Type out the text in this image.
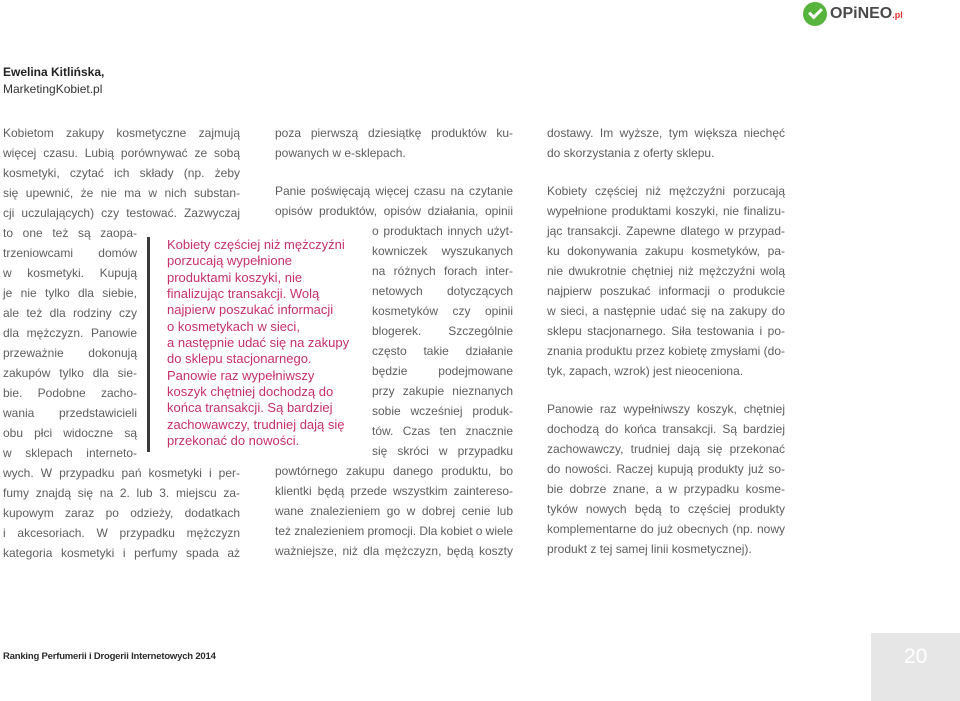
OPiNEO.pl
Ewelina Kitlińska,
MarketingKobiet.pl
Kobietom zakupy kosmetyczne zajmują
więcej czasu. Lubią porównywać ze sobą
kosmetyki, czytać ich składy (np. żeby
się upewnić, że nie ma w nich substan-
cji uczulających) czy testować. Zazwyczaj
to one też są zaopa-
trzeniowcami domów
w kosmetyki. Kupują
je nie tylko dla siebie,
ale też dla rodziny czy
dla mężczyzn. Panowie
przeważnie dokonują
zakupów tylko dla sie-
bie. Podobne zacho-
wania przedstawicieli
obu płci widoczne są
w sklepach interneto-
wych. W przypadku pań kosmetyki i per-
fumy znajdą się na 2. lub 3. miejscu za-
kupowym zaraz po odzieży, dodatkach
i akcesoriach. W przypadku mężczyzn
kategoria kosmetyki i perfumy spada aż
Kobiety częściej niż mężczyźni
porzucają wypełnione
produktami koszyki, nie
finalizując transakcji. Wolą
najpierw poszukać informacji
o kosmetykach w sieci,
a następnie udać się na zakupy
do sklepu stacjonarnego.
Panowie raz wypełniwszy
koszyk chętniej dochodzą do
końca transakcji. Są bardziej
zachowawczy, trudniej dają się
przekonać do nowości.
poza pierwszą dziesiątkę produktów ku-
powanych w e-sklepach.
Panie poświęcają więcej czasu na czytanie
opisów produktów, opisów działania, opinii
o produktach innych użyt-
kowniczek wyszukanych
na różnych forach inter-
netowych dotyczących
kosmetyków czy opinii
blogerek. Szczególnie
często takie działanie
będzie podejmowane
przy zakupie nieznanych
sobie wcześniej produk-
tów. Czas ten znacznie
się skróci w przypadku
powtórnego zakupu danego produktu, bo
klientki będą przede wszystkim zaintereso-
wane znalezieniem go w dobrej cenie lub
też znalezieniem promocji. Dla kobiet o wiele
ważniejsze, niż dla mężczyzn, będą koszty
dostawy. Im wyższe, tym większa niechęć
do skorzystania z oferty sklepu.
Kobiety częściej niż mężczyźni porzucają
wypełnione produktami koszyki, nie finalizu-
jąc transakcji. Zapewne dlatego w przypad-
ku dokonywania zakupu kosmetyków, pa-
nie dwukrotnie chętniej niż mężczyźni wolą
najpierw poszukać informacji o produkcie
w sieci, a następnie udać się na zakupy do
sklepu stacjonarnego. Siła testowania i po-
znania produktu przez kobietę zmysłami (do-
tyk, zapach, wzrok) jest nieoceniona.
Panowie raz wypełniwszy koszyk, chętniej
dochodzą do końca transakcji. Są bardziej
zachowawczy, trudniej dają się przekonać
do nowości. Raczej kupują produkty już so-
bie dobrze znane, a w przypadku kosme-
tyków nowych będą to częściej produkty
komplementarne do już obecnych (np. nowy
produkt z tej samej linii kosmetycznej).
Ranking Perfumerii i Drogerii Internetowych 2014	20
